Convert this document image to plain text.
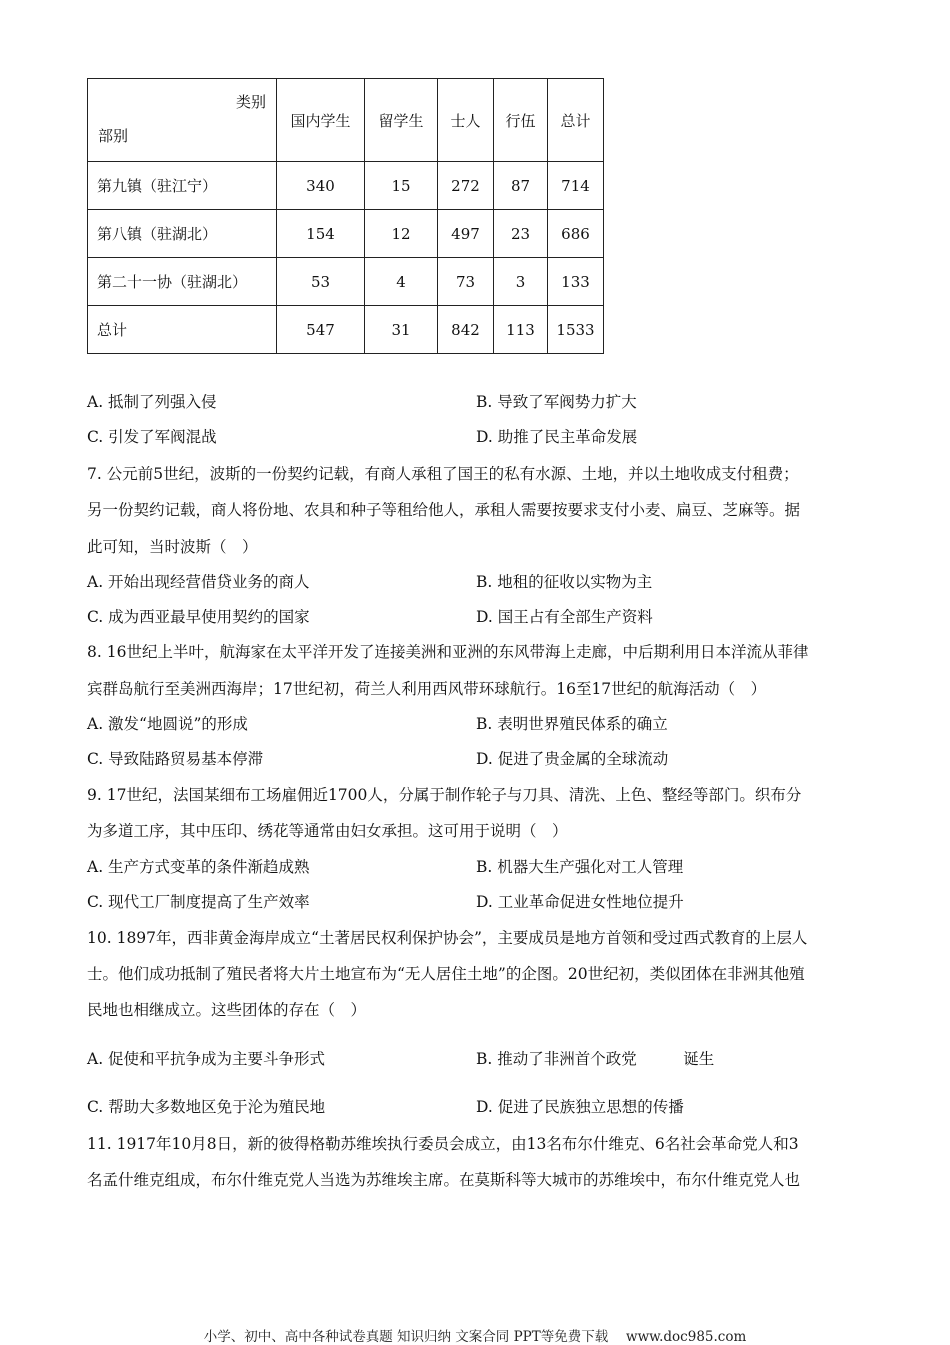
类别
部别	国内学生	留学生	士人	行伍	总计
第九镇（驻江宁）	340	15	272	87	714
第八镇（驻湖北）	154	12	497	23	686
第二十一协（驻湖北）	53	4	73	3	133
总计	547	31	842	113	1533
A. 抵制了列强入侵	B. 导致了军阀势力扩大
C. 引发了军阀混战	D. 助推了民主革命发展
7. 公元前5世纪，波斯的一份契约记载，有商人承租了国王的私有水源、土地，并以土地收成支付租费；
另一份契约记载，商人将份地、农具和种子等租给他人，承租人需要按要求支付小麦、扁豆、芝麻等。据
此可知，当时波斯（　）
A. 开始出现经营借贷业务的商人	B. 地租的征收以实物为主
C. 成为西亚最早使用契约的国家	D. 国王占有全部生产资料
8. 16世纪上半叶，航海家在太平洋开发了连接美洲和亚洲的东风带海上走廊，中后期利用日本洋流从菲律
宾群岛航行至美洲西海岸；17世纪初，荷兰人利用西风带环球航行。16至17世纪的航海活动（　）
A. 激发“地圆说”的形成	B. 表明世界殖民体系的确立
C. 导致陆路贸易基本停滞	D. 促进了贵金属的全球流动
9. 17世纪，法国某细布工场雇佣近1700人，分属于制作轮子与刀具、清洗、上色、整经等部门。织布分
为多道工序，其中压印、绣花等通常由妇女承担。这可用于说明（　）
A. 生产方式变革的条件渐趋成熟	B. 机器大生产强化对工人管理
C. 现代工厂制度提高了生产效率	D. 工业革命促进女性地位提升
10. 1897年，西非黄金海岸成立“土著居民权利保护协会”，主要成员是地方首领和受过西式教育的上层人
士。他们成功抵制了殖民者将大片土地宣布为“无人居住土地”的企图。20世纪初，类似团体在非洲其他殖
民地也相继成立。这些团体的存在（　）
A. 促使和平抗争成为主要斗争形式	B. 推动了非洲首个政党　　　诞生
C. 帮助大多数地区免于沦为殖民地	D. 促进了民族独立思想的传播
11. 1917年10月8日，新的彼得格勒苏维埃执行委员会成立，由13名布尔什维克、6名社会革命党人和3
名孟什维克组成，布尔什维克党人当选为苏维埃主席。在莫斯科等大城市的苏维埃中，布尔什维克党人也
小学、初中、高中各种试卷真题 知识归纳 文案合同 PPT等免费下载　 www.doc985.com
